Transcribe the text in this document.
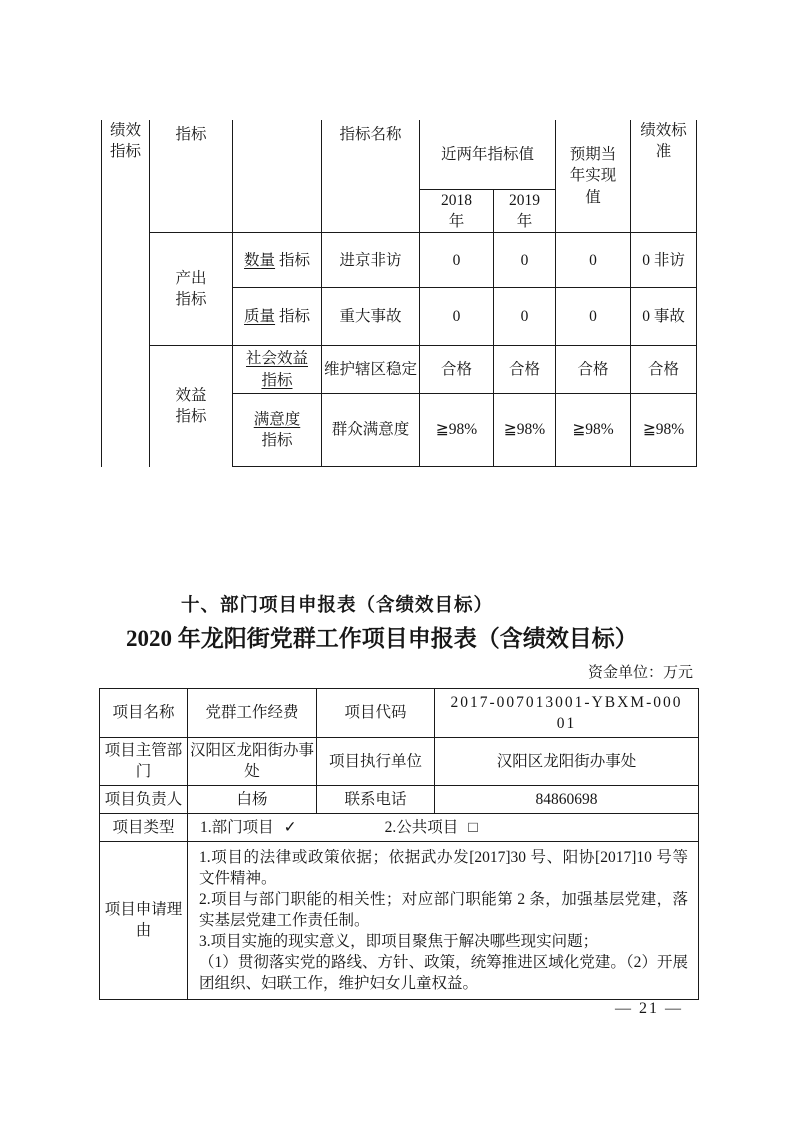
绩效指标	指标		指标名称	近两年指标值		预期当年实现值	绩效标准
				2018 年	2019 年		
	产出指标	数量 指标	进京非访	0	0	0	0 非访
		质量 指标	重大事故	0	0	0	0 事故
	效益指标	社会效益指标	维护辖区稳定	合格	合格	合格	合格
		满意度指标	群众满意度	≧98%	≧98%	≧98%	≧98%
十、部门项目申报表（含绩效目标）
2020 年龙阳街党群工作项目申报表（含绩效目标）
资金单位：万元
项目名称	党群工作经费	项目代码	2017-007013001-YBXM-00001
项目主管部门	汉阳区龙阳街办事处	项目执行单位	汉阳区龙阳街办事处
项目负责人	白杨	联系电话	84860698
项目类型	1.部门项目 ✓ 2.公共项目 □		
项目申请理由	1.项目的法律或政策依据；依据武办发[2017]30 号、阳协[2017]10 号等文件精神。
2.项目与部门职能的相关性；对应部门职能第 2 条，加强基层党建，落实基层党建工作责任制。
3.项目实施的现实意义，即项目聚焦于解决哪些现实问题；
（1）贯彻落实党的路线、方针、政策，统筹推进区域化党建。（2）开展团组织、妇联工作，维护妇女儿童权益。		
— 21 —
